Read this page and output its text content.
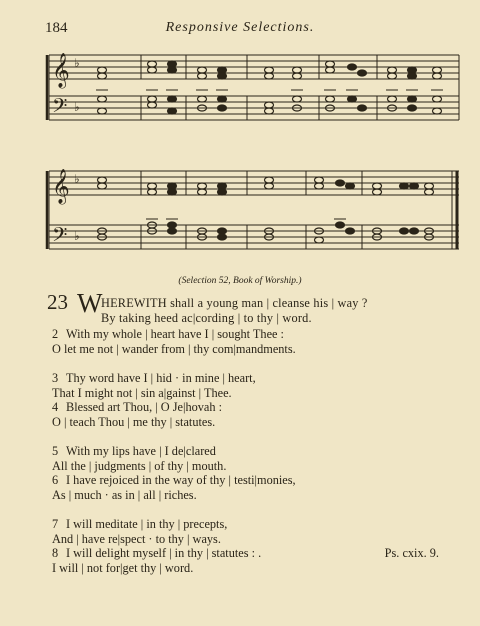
184	Responsive Selections.
𝄞
𝄢
𝄞
𝄢
♭
♭
♭
♭
(Selection 52, Book of Worship.)
23 W
HEREWITH shall a young man | cleanse his | way ?
By taking heed ac|cording | to thy | word.
2 With my whole | heart have I | sought Thee :
O let me not | wander from | thy com|mandments.
3 Thy word have I | hid · in mine | heart,
That I might not | sin a|gainst | Thee.
4 Blessed art Thou, | O Je|hovah :
O | teach Thou | me thy | statutes.
5 With my lips have | I de|clared
All the | judgments | of thy | mouth.
6 I have rejoiced in the way of thy | testi|monies,
As | much · as in | all | riches.
7 I will meditate | in thy | precepts,
And | have re|spect · to thy | ways.
8 I will delight myself | in thy | statutes : .
I will | not for|get thy | word.
Ps. cxix. 9.
